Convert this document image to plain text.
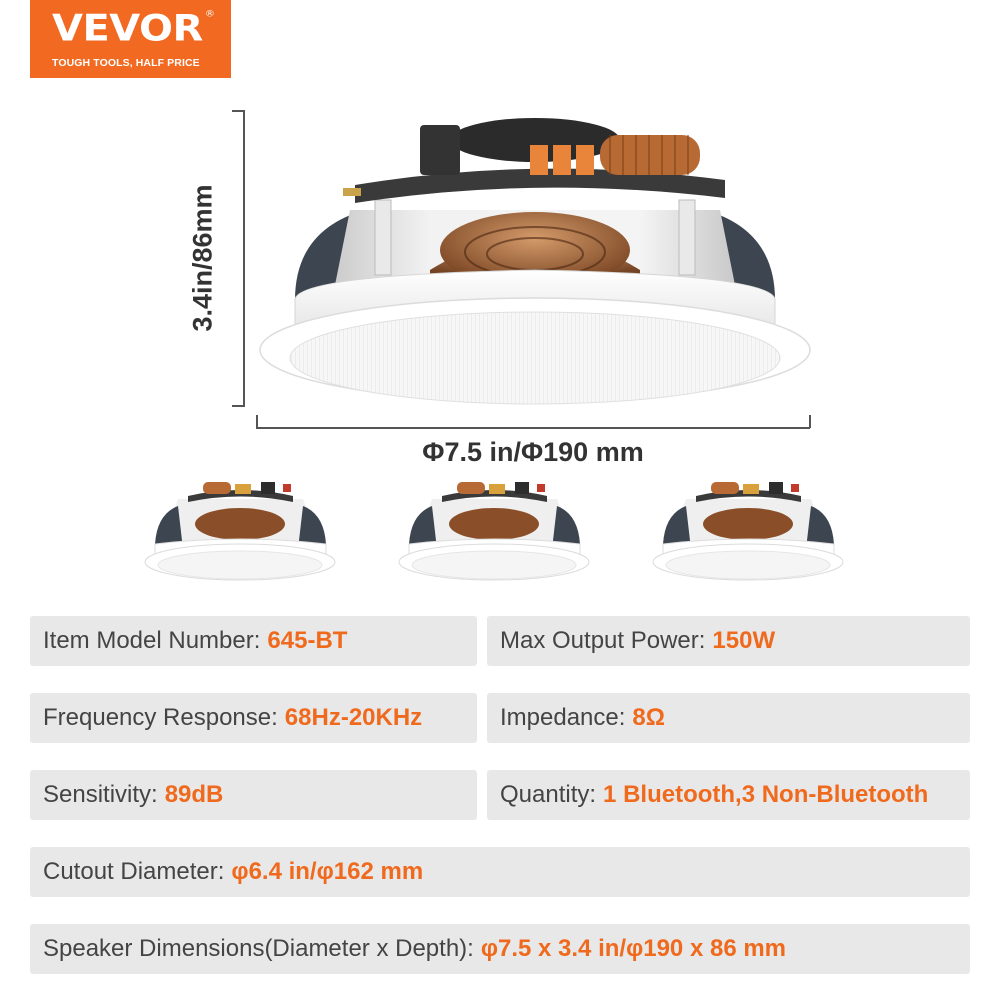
VEVOR ®
TOUGH TOOLS, HALF PRICE
3.4in/86mm
Φ7.5 in/Φ190 mm
Item Model Number: 645-BT	Max Output Power: 150W
Frequency Response: 68Hz-20KHz	Impedance: 8Ω
Sensitivity: 89dB	Quantity: 1 Bluetooth,3 Non-Bluetooth
Cutout Diameter: φ6.4 in/φ162 mm
Speaker Dimensions(Diameter x Depth): φ7.5 x 3.4 in/φ190 x 86 mm
